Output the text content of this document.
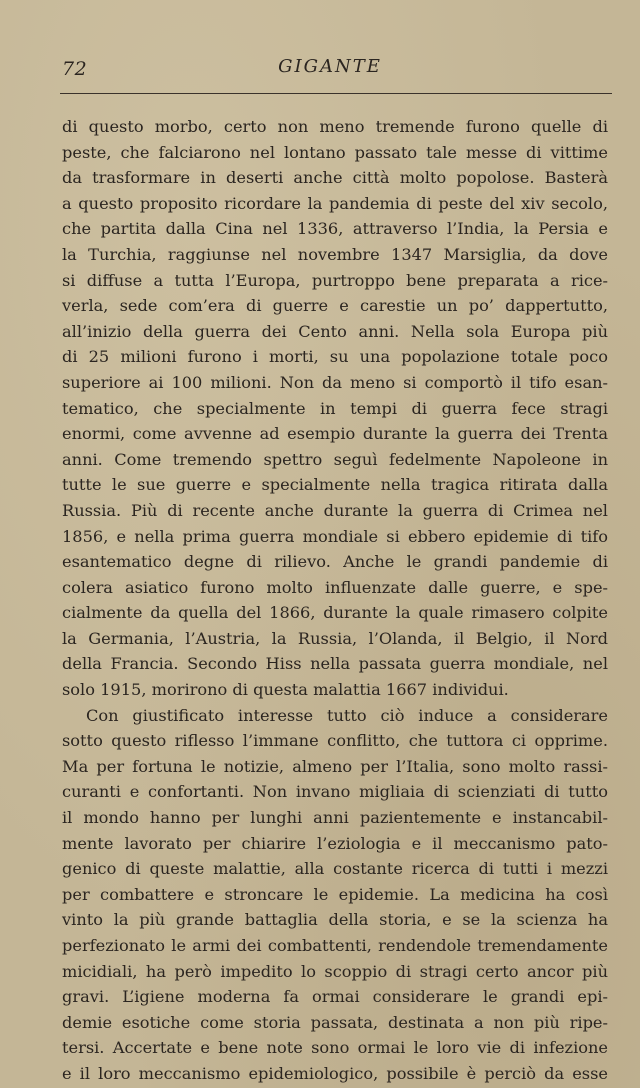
72	GIGANTE
di questo morbo, certo non meno tremende furono quelle di
peste, che falciarono nel lontano passato tale messe di vittime
da trasformare in deserti anche città molto popolose. Basterà
a questo proposito ricordare la pandemia di peste del xiv secolo,
che partita dalla Cina nel 1336, attraverso l’India, la Persia e
la Turchia, raggiunse nel novembre 1347 Marsiglia, da dove
si diffuse a tutta l’Europa, purtroppo bene preparata a rice-
verla, sede com’era di guerre e carestie un po’ dappertutto,
all’inizio della guerra dei Cento anni. Nella sola Europa più
di 25 milioni furono i morti, su una popolazione totale poco
superiore ai 100 milioni. Non da meno si comportò il tifo esan-
tematico, che specialmente in tempi di guerra fece stragi
enormi, come avvenne ad esempio durante la guerra dei Trenta
anni. Come tremendo spettro seguì fedelmente Napoleone in
tutte le sue guerre e specialmente nella tragica ritirata dalla
Russia. Più di recente anche durante la guerra di Crimea nel
1856, e nella prima guerra mondiale si ebbero epidemie di tifo
esantematico degne di rilievo. Anche le grandi pandemie di
colera asiatico furono molto influenzate dalle guerre, e spe-
cialmente da quella del 1866, durante la quale rimasero colpite
la Germania, l’Austria, la Russia, l’Olanda, il Belgio, il Nord
della Francia. Secondo Hiss nella passata guerra mondiale, nel
solo 1915, morirono di questa malattia 1667 individui.
Con giustificato interesse tutto ciò induce a considerare
sotto questo riflesso l’immane conflitto, che tuttora ci opprime.
Ma per fortuna le notizie, almeno per l’Italia, sono molto rassi-
curanti e confortanti. Non invano migliaia di scienziati di tutto
il mondo hanno per lunghi anni pazientemente e instancabil-
mente lavorato per chiarire l’eziologia e il meccanismo pato-
genico di queste malattie, alla costante ricerca di tutti i mezzi
per combattere e stroncare le epidemie. La medicina ha così
vinto la più grande battaglia della storia, e se la scienza ha
perfezionato le armi dei combattenti, rendendole tremendamente
micidiali, ha però impedito lo scoppio di stragi certo ancor più
gravi. L’igiene moderna fa ormai considerare le grandi epi-
demie esotiche come storia passata, destinata a non più ripe-
tersi. Accertate e bene note sono ormai le loro vie di infezione
e il loro meccanismo epidemiologico, possibile è perciò da esse
